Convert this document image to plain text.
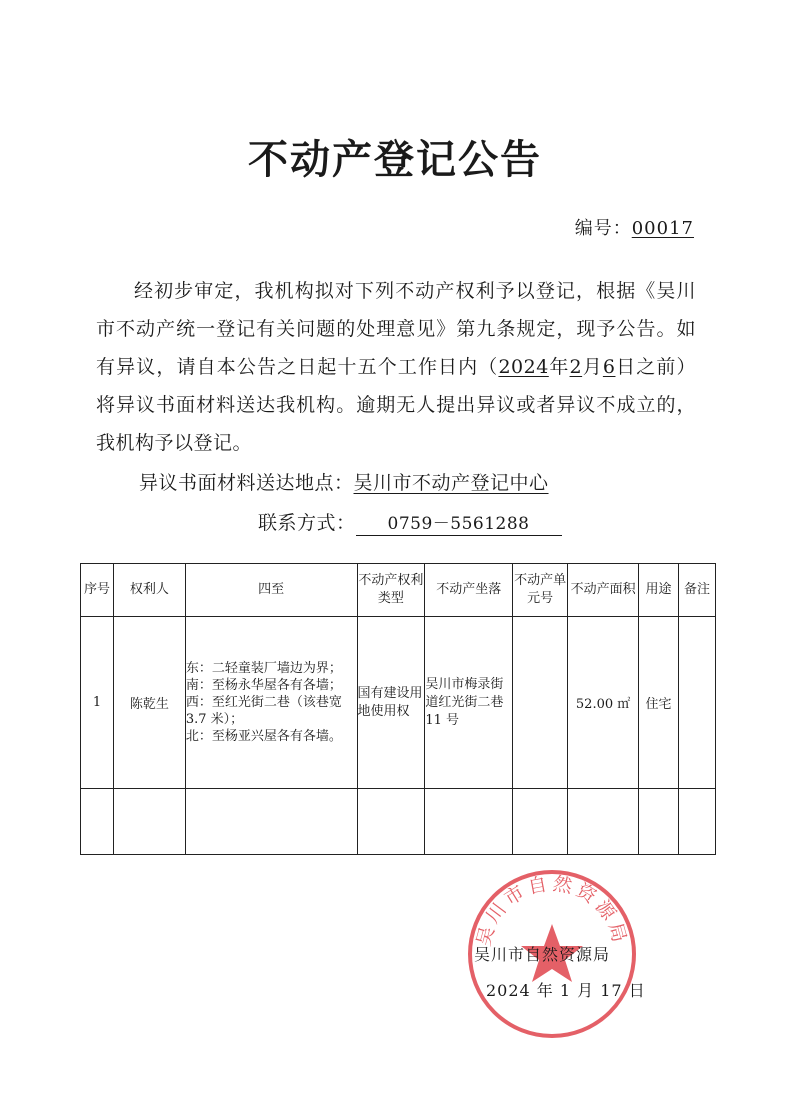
不动产登记公告
编号：00017

经初步审定，我机构拟对下列不动产权利予以登记，根据《吴川市不动产统一登记有关问题的处理意见》第九条规定，现予公告。如有异议，请自本公告之日起十五个工作日内（2024年2月6日之前）将异议书面材料送达我机构。逾期无人提出异议或者异议不成立的，我机构予以登记。

异议书面材料送达地点：吴川市不动产登记中心
联系方式： 0759－5561288
序号	权利人	四至	不动产权利类型	不动产坐落	不动产单元号	不动产面积	用途	备注
1	陈乾生	东：二轻童装厂墙边为界；
南：至杨永华屋各有各墙；
西：至红光街二巷（该巷宽 3.7 米）；
北：至杨亚兴屋各有各墙。	国有建设用地使用权	吴川市梅录街道红光街二巷 11 号		52.00 ㎡	住宅	

吴川市自然资源局
吴川市自然资源局
2024 年 1 月 17 日
